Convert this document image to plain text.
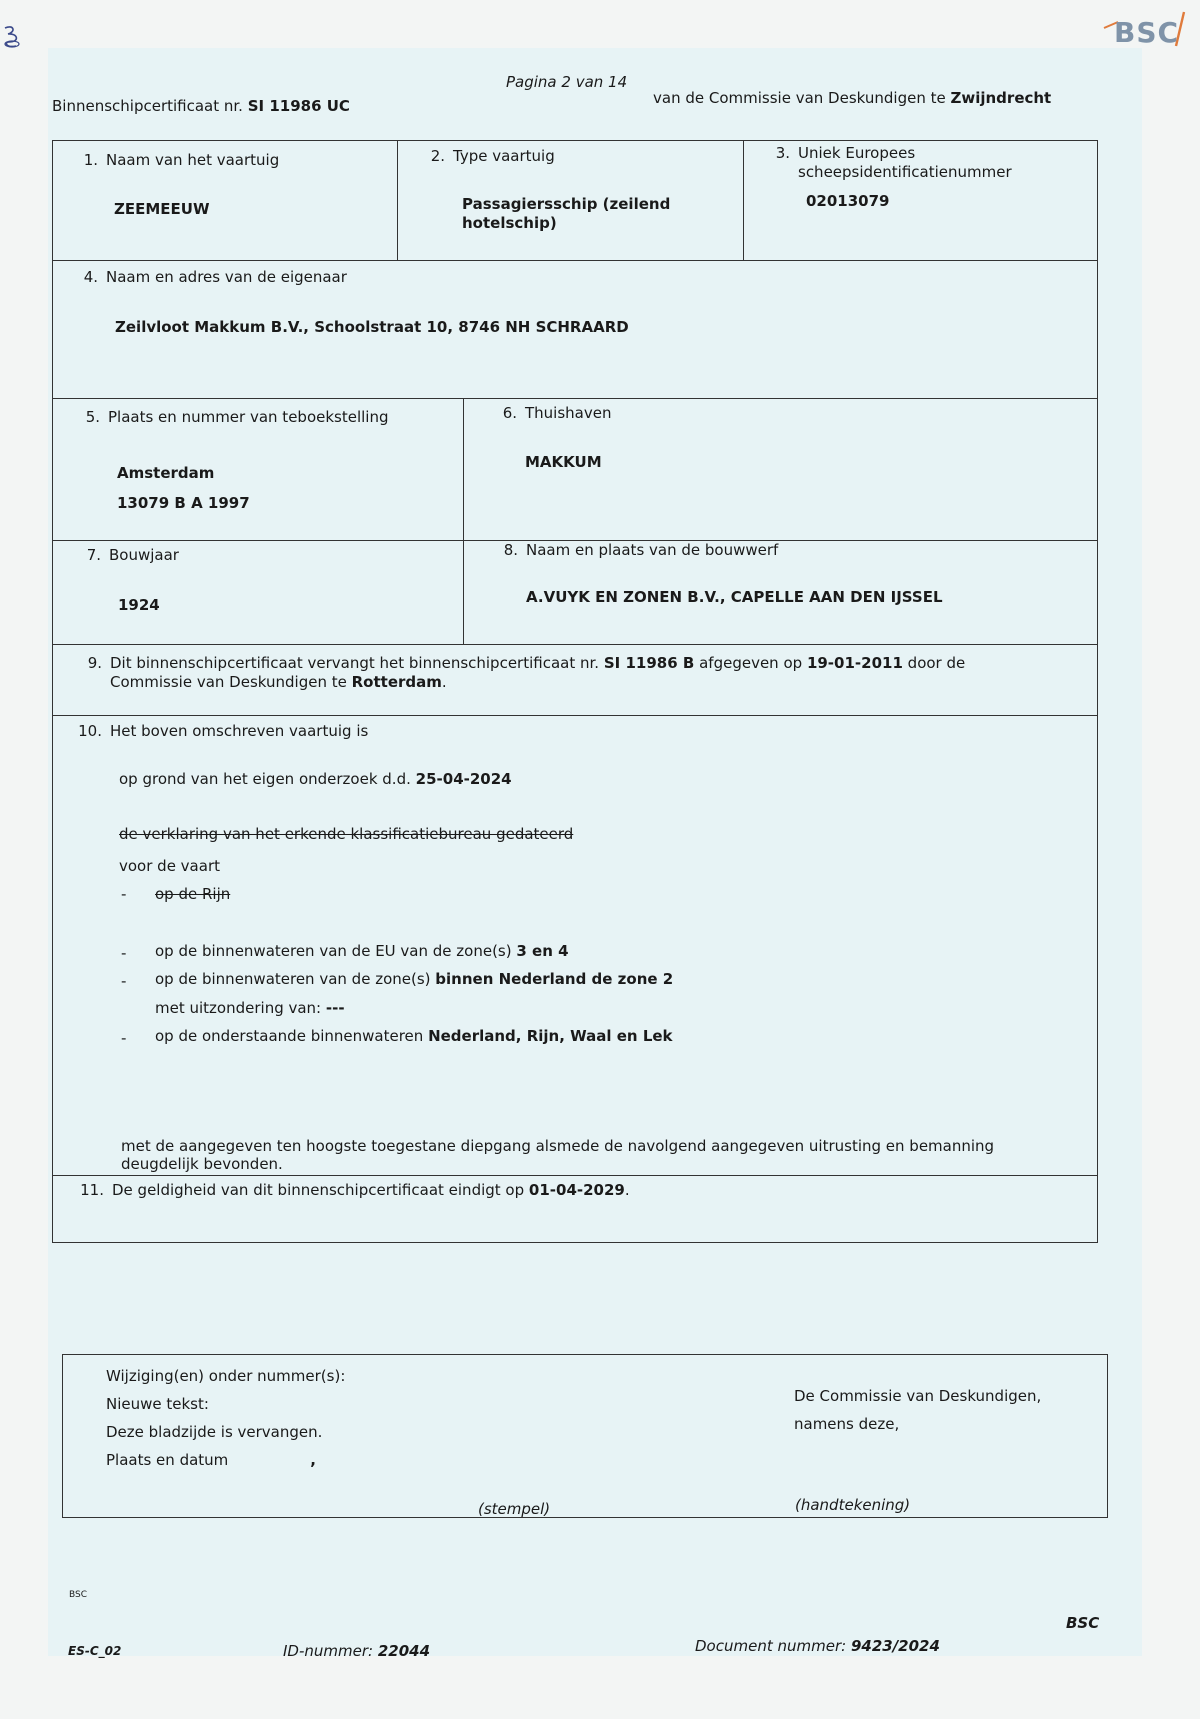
BSC
Pagina 2 van 14
Binnenschipcertificaat nr. SI 11986 UC	van de Commissie van Deskundigen te Zwijndrecht
1. Naam van het vaartuig
ZEEMEEUW
2. Type vaartuig
Passagiersschip (zeilend
hotelschip)
3. Uniek Europees
scheepsidentificatienummer
02013079
4. Naam en adres van de eigenaar
Zeilvloot Makkum B.V., Schoolstraat 10, 8746 NH SCHRAARD
5. Plaats en nummer van teboekstelling
Amsterdam
13079 B A 1997
6. Thuishaven
MAKKUM
7. Bouwjaar
1924
8. Naam en plaats van de bouwwerf
A.VUYK EN ZONEN B.V., CAPELLE AAN DEN IJSSEL
9. Dit binnenschipcertificaat vervangt het binnenschipcertificaat nr. SI 11986 B afgegeven op 19-01-2011 door de
Commissie van Deskundigen te Rotterdam.
10. Het boven omschreven vaartuig is
op grond van het eigen onderzoek d.d. 25-04-2024
de verklaring van het erkende klassificatiebureau gedateerd
voor de vaart
- op de Rijn
- op de binnenwateren van de EU van de zone(s) 3 en 4
- op de binnenwateren van de zone(s) binnen Nederland de zone 2
met uitzondering van: ---
- op de onderstaande binnenwateren Nederland, Rijn, Waal en Lek
met de aangegeven ten hoogste toegestane diepgang alsmede de navolgend aangegeven uitrusting en bemanning
deugdelijk bevonden.
11. De geldigheid van dit binnenschipcertificaat eindigt op 01-04-2029.
Wijziging(en) onder nummer(s):
Nieuwe tekst:
Deze bladzijde is vervangen.
Plaats en datum	,
De Commissie van Deskundigen,
namens deze,
(stempel)	(handtekening)
BSC
ES-C_02	ID-nummer: 22044	Document nummer: 9423/2024
BSC
